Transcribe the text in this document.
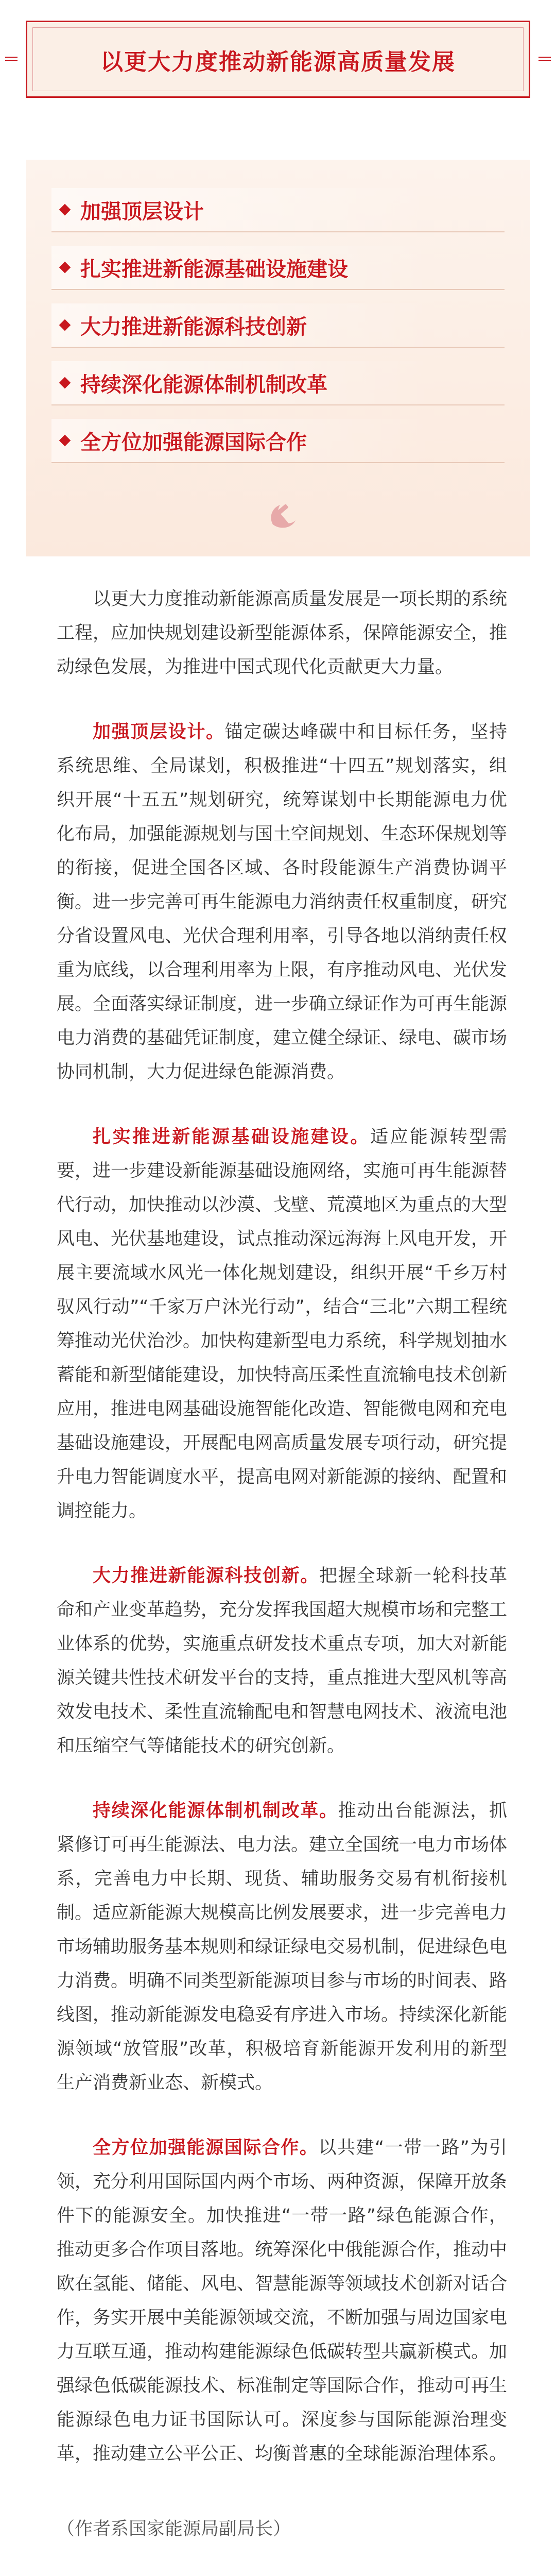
以更大力度推动新能源高质量发展
加强顶层设计
扎实推进新能源基础设施建设
大力推进新能源科技创新
持续深化能源体制机制改革
全方位加强能源国际合作

以更大力度推动新能源高质量发展是一项长期的系统工程，应加快规划建设新型能源体系，保障能源安全，推动绿色发展，为推进中国式现代化贡献更大力量。

加强顶层设计。锚定碳达峰碳中和目标任务，坚持系统思维、全局谋划，积极推进“十四五”规划落实，组织开展“十五五”规划研究，统筹谋划中长期能源电力优化布局，加强能源规划与国土空间规划、生态环保规划等的衔接，促进全国各区域、各时段能源生产消费协调平衡。进一步完善可再生能源电力消纳责任权重制度，研究分省设置风电、光伏合理利用率，引导各地以消纳责任权重为底线，以合理利用率为上限，有序推动风电、光伏发展。全面落实绿证制度，进一步确立绿证作为可再生能源电力消费的基础凭证制度，建立健全绿证、绿电、碳市场协同机制，大力促进绿色能源消费。

扎实推进新能源基础设施建设。适应能源转型需要，进一步建设新能源基础设施网络，实施可再生能源替代行动，加快推动以沙漠、戈壁、荒漠地区为重点的大型风电、光伏基地建设，试点推动深远海海上风电开发，开展主要流域水风光一体化规划建设，组织开展“千乡万村驭风行动”“千家万户沐光行动”，结合“三北”六期工程统筹推动光伏治沙。加快构建新型电力系统，科学规划抽水蓄能和新型储能建设，加快特高压柔性直流输电技术创新应用，推进电网基础设施智能化改造、智能微电网和充电基础设施建设，开展配电网高质量发展专项行动，研究提升电力智能调度水平，提高电网对新能源的接纳、配置和调控能力。

大力推进新能源科技创新。把握全球新一轮科技革命和产业变革趋势，充分发挥我国超大规模市场和完整工业体系的优势，实施重点研发技术重点专项，加大对新能源关键共性技术研发平台的支持，重点推进大型风机等高效发电技术、柔性直流输配电和智慧电网技术、液流电池和压缩空气等储能技术的研究创新。

持续深化能源体制机制改革。推动出台能源法，抓紧修订可再生能源法、电力法。建立全国统一电力市场体系，完善电力中长期、现货、辅助服务交易有机衔接机制。适应新能源大规模高比例发展要求，进一步完善电力市场辅助服务基本规则和绿证绿电交易机制，促进绿色电力消费。明确不同类型新能源项目参与市场的时间表、路线图，推动新能源发电稳妥有序进入市场。持续深化新能源领域“放管服”改革，积极培育新能源开发利用的新型生产消费新业态、新模式。

全方位加强能源国际合作。以共建“一带一路”为引领，充分利用国际国内两个市场、两种资源，保障开放条件下的能源安全。加快推进“一带一路”绿色能源合作，推动更多合作项目落地。统筹深化中俄能源合作，推动中欧在氢能、储能、风电、智慧能源等领域技术创新对话合作，务实开展中美能源领域交流，不断加强与周边国家电力互联互通，推动构建能源绿色低碳转型共赢新模式。加强绿色低碳能源技术、标准制定等国际合作，推动可再生能源绿色电力证书国际认可。深度参与国际能源治理变革，推动建立公平公正、均衡普惠的全球能源治理体系。

（作者系国家能源局副局长）
